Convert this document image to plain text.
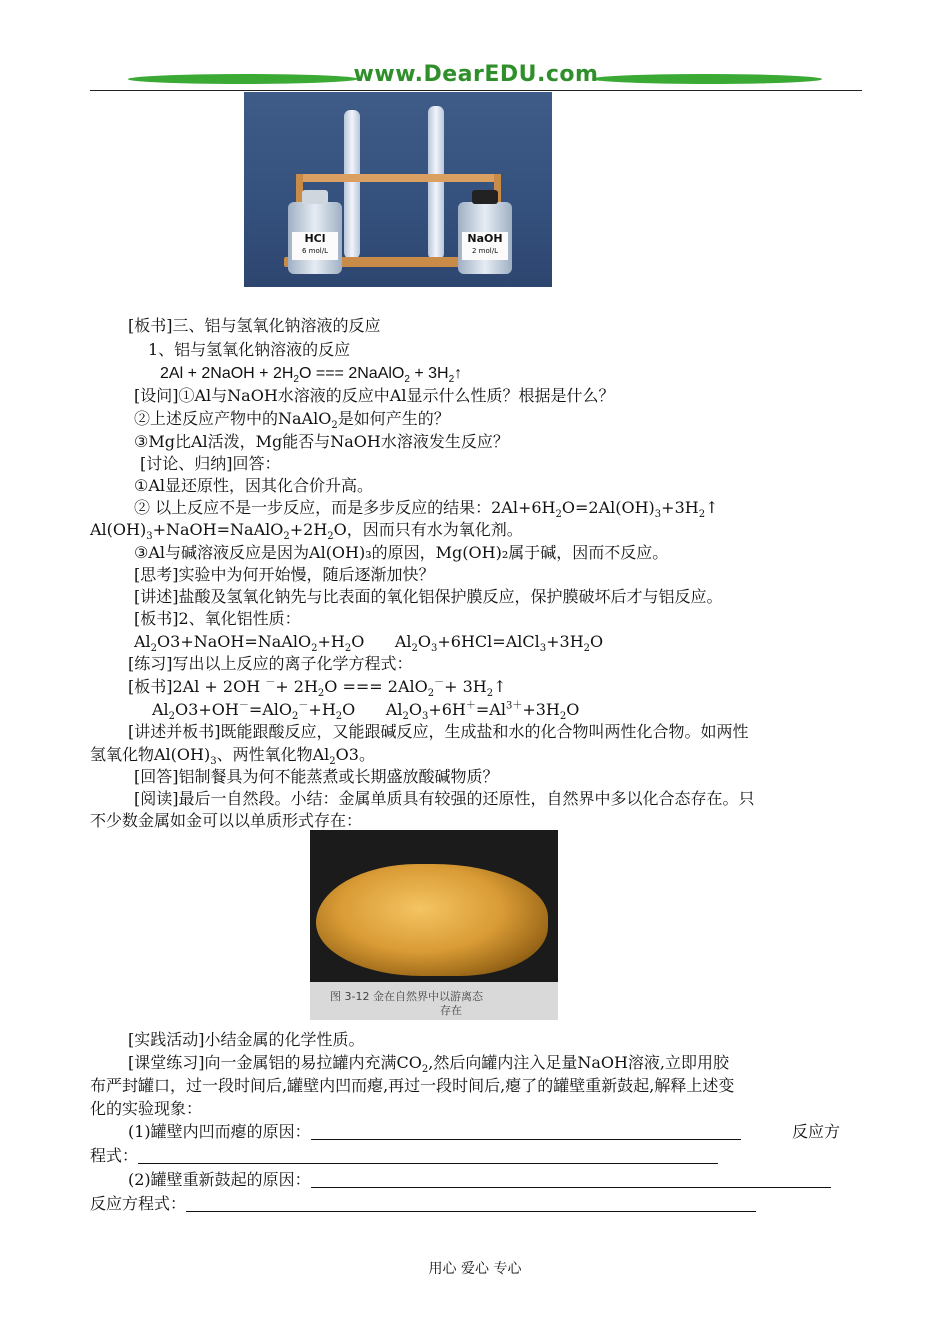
www.DearEDU.com
HCl
6 mol/L
NaOH
2 mol/L
[板书]三、铝与氢氧化钠溶液的反应
1、铝与氢氧化钠溶液的反应
2Al + 2NaOH + $2H_2O$ === 2NaAlO$_2$ + $3H_2↑$
[设问]①Al与NaOH水溶液的反应中Al显示什么性质？根据是什么？
②上述反应产物中的NaAlO$_2$是如何产生的？
③Mg比Al活泼，Mg能否与NaOH水溶液发生反应？
[讨论、归纳]回答：
①Al显还原性，因其化合价升高。
② 以上反应不是一步反应，而是多步反应的结果：$2Al+6H_2O=2Al(OH)_3+3H_2↑$
$Al(OH)_3+NaOH=NaAlO_2+2H_2O$，因而只有水为氧化剂。
③Al与碱溶液反应是因为Al(OH)₃的原因，Mg(OH)₂属于碱，因而不反应。
[思考]实验中为何开始慢，随后逐渐加快？
[讲述]盐酸及氢氧化钠先与比表面的氧化铝保护膜反应，保护膜破坏后才与铝反应。
[板书]2、氧化铝性质：
$Al_2O3+NaOH=NaAlO_2+H_2O$      $Al_2O_3+6HCl=AlCl_3+3H_2O$
[练习]写出以上反应的离子化学方程式：
[板书]2Al + 2OH $^-+ 2H_2O$ === $2AlO_2^-+ 3H_2↑$
$Al_2O3+OH^-=AlO_2^-+H_2O$      $Al_2O_3+6H^+=Al^{3+}+3H_2O$
[讲述并板书]既能跟酸反应，又能跟碱反应，生成盐和水的化合物叫两性化合物。如两性
氢氧化物$Al(OH)_3$、两性氧化物$Al_2O3$。
[回答]铝制餐具为何不能蒸煮或长期盛放酸碱物质？
[阅读]最后一自然段。小结：金属单质具有较强的还原性，自然界中多以化合态存在。只
不少数金属如金可以以单质形式存在：
图 3-12 金在自然界中以游离态
存在
[实践活动]小结金属的化学性质。
[课堂练习]向一金属铝的易拉罐内充满$CO_2$,然后向罐内注入足量NaOH溶液,立即用胶
布严封罐口，过一段时间后,罐壁内凹而瘪,再过一段时间后,瘪了的罐壁重新鼓起,解释上述变
化的实验现象：
(1)罐壁内凹而瘪的原因：	反应方
程式：
(2)罐壁重新鼓起的原因：
反应方程式：
用心 爱心 专心
